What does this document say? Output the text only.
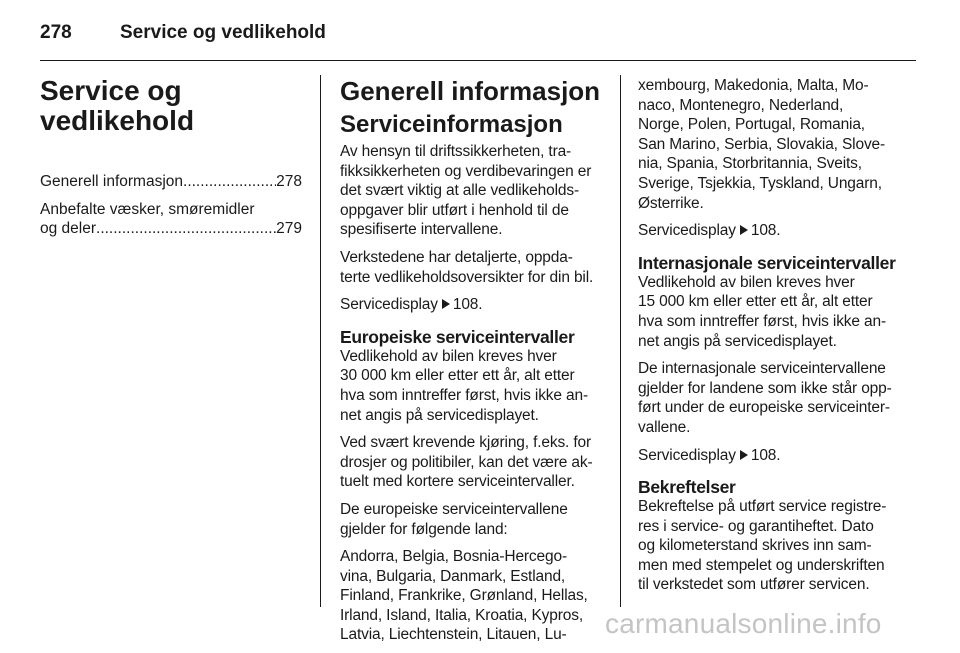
278	Service og vedlikehold
Service og
vedlikehold
Generell informasjon .....	278
Anbefalte væsker, smøremidler
og deler .....	279
Generell informasjon
Serviceinformasjon

Av hensyn til driftssikkerheten, tra-
fikksikkerheten og verdibevaringen er
det svært viktig at alle vedlikeholds-
oppgaver blir utført i henhold til de
spesifiserte intervallene.

Verkstedene har detaljerte, oppda-
terte vedlikeholdsoversikter for din bil.

Servicedisplay 108.

Europeiske serviceintervaller

Vedlikehold av bilen kreves hver
30 000 km eller etter ett år, alt etter
hva som inntreffer først, hvis ikke an-
net angis på servicedisplayet.

Ved svært krevende kjøring, f.eks. for
drosjer og politibiler, kan det være ak-
tuelt med kortere serviceintervaller.

De europeiske serviceintervallene
gjelder for følgende land:

Andorra, Belgia, Bosnia-Hercego-
vina, Bulgaria, Danmark, Estland,
Finland, Frankrike, Grønland, Hellas,
Irland, Island, Italia, Kroatia, Kypros,
Latvia, Liechtenstein, Litauen, Lu-

xembourg, Makedonia, Malta, Mo-
naco, Montenegro, Nederland,
Norge, Polen, Portugal, Romania,
San Marino, Serbia, Slovakia, Slove-
nia, Spania, Storbritannia, Sveits,
Sverige, Tsjekkia, Tyskland, Ungarn,
Østerrike.

Servicedisplay 108.

Internasjonale serviceintervaller

Vedlikehold av bilen kreves hver
15 000 km eller etter ett år, alt etter
hva som inntreffer først, hvis ikke an-
net angis på servicedisplayet.

De internasjonale serviceintervallene
gjelder for landene som ikke står opp-
ført under de europeiske serviceinter-
vallene.

Servicedisplay 108.

Bekreftelser

Bekreftelse på utført service registre-
res i service- og garantiheftet. Dato
og kilometerstand skrives inn sam-
men med stempelet og underskriften
til verkstedet som utfører servicen.

carmanualsonline.info
